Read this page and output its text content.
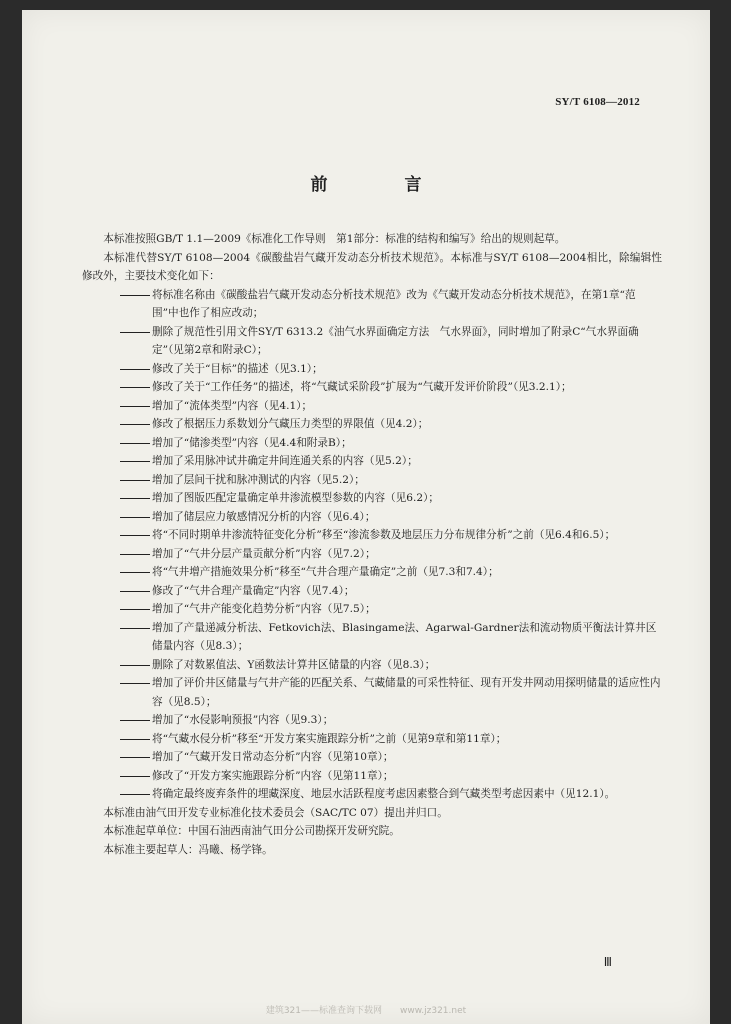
SY/T 6108—2012
前　言

本标准按照GB/T 1.1—2009《标准化工作导则　第1部分：标准的结构和编写》给出的规则起草。

本标准代替SY/T 6108—2004《碳酸盐岩气藏开发动态分析技术规范》。本标准与SY/T 6108—2004相比，除编辑性修改外，主要技术变化如下：

将标准名称由《碳酸盐岩气藏开发动态分析技术规范》改为《气藏开发动态分析技术规范》，在第1章“范围”中也作了相应改动；
删除了规范性引用文件SY/T 6313.2《油气水界面确定方法　气水界面》，同时增加了附录C“气水界面确定”（见第2章和附录C）；
修改了关于“目标”的描述（见3.1）；
修改了关于“工作任务”的描述，将“气藏试采阶段”扩展为“气藏开发评价阶段”（见3.2.1）；
增加了“流体类型”内容（见4.1）；
修改了根据压力系数划分气藏压力类型的界限值（见4.2）；
增加了“储渗类型”内容（见4.4和附录B）；
增加了采用脉冲试井确定井间连通关系的内容（见5.2）；
增加了层间干扰和脉冲测试的内容（见5.2）；
增加了图版匹配定量确定单井渗流模型参数的内容（见6.2）；
增加了储层应力敏感情况分析的内容（见6.4）；
将“不同时期单井渗流特征变化分析”移至“渗流参数及地层压力分布规律分析”之前（见6.4和6.5）；
增加了“气井分层产量贡献分析”内容（见7.2）；
将“气井增产措施效果分析”移至“气井合理产量确定”之前（见7.3和7.4）；
修改了“气井合理产量确定”内容（见7.4）；
增加了“气井产能变化趋势分析”内容（见7.5）；
增加了产量递减分析法、Fetkovich法、Blasingame法、Agarwal-Gardner法和流动物质平衡法计算井区储量内容（见8.3）；
删除了对数累值法、Y函数法计算井区储量的内容（见8.3）；
增加了评价井区储量与气井产能的匹配关系、气藏储量的可采性特征、现有开发井网动用探明储量的适应性内容（见8.5）；
增加了“水侵影响预报”内容（见9.3）；
将“气藏水侵分析”移至“开发方案实施跟踪分析”之前（见第9章和第11章）；
增加了“气藏开发日常动态分析”内容（见第10章）；
修改了“开发方案实施跟踪分析”内容（见第11章）；
将确定最终废弃条件的埋藏深度、地层水活跃程度考虑因素整合到气藏类型考虑因素中（见12.1）。

本标准由油气田开发专业标准化技术委员会（SAC/TC 07）提出并归口。

本标准起草单位：中国石油西南油气田分公司勘探开发研究院。

本标准主要起草人：冯曦、杨学锋。

Ⅲ
建筑321——标准查询下载网　　www.jz321.net
